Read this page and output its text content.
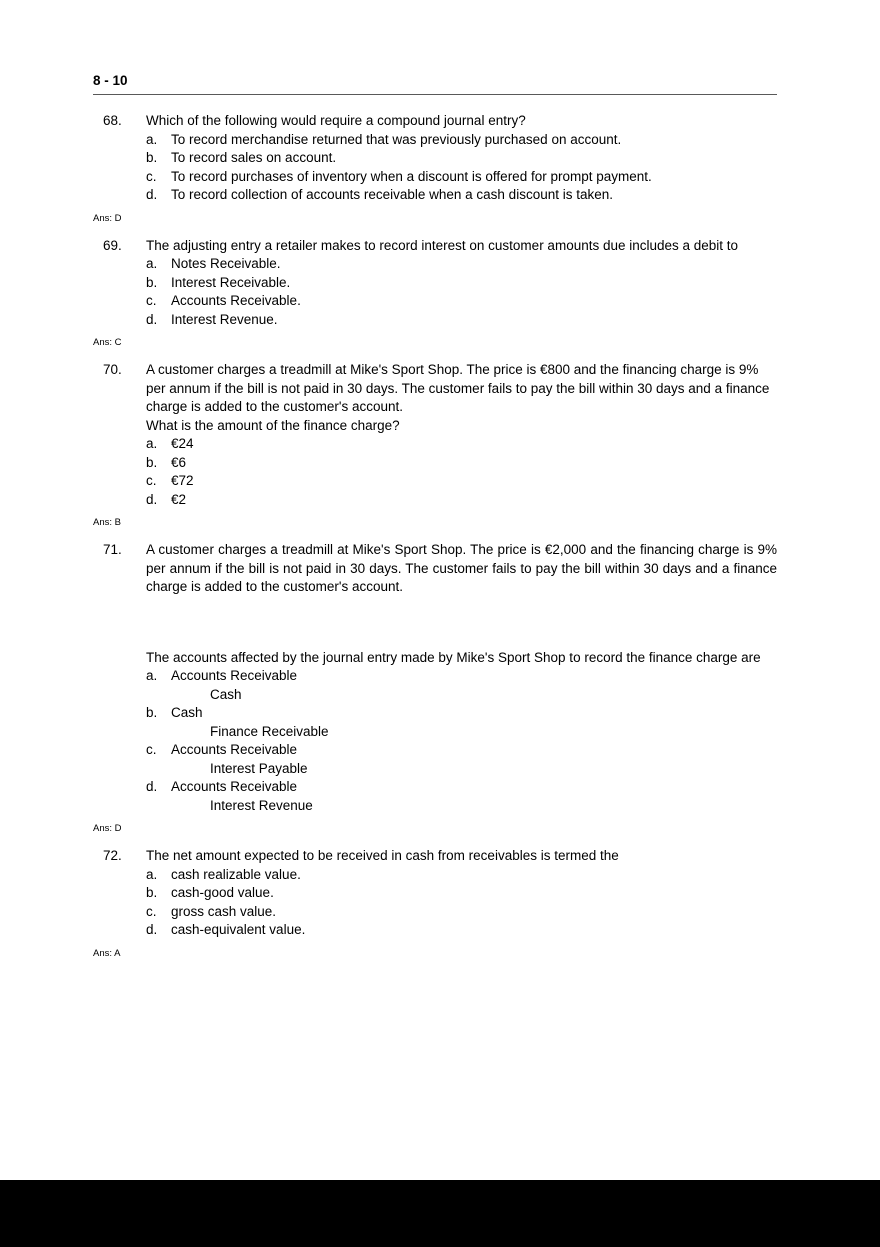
8 - 10
68.	Which of the following would require a compound journal entry?
a.	To record merchandise returned that was previously purchased on account.
b.	To record sales on account.
c.	To record purchases of inventory when a discount is offered for prompt payment.
d.	To record collection of accounts receivable when a cash discount is taken.
Ans: D
69.	The adjusting entry a retailer makes to record interest on customer amounts due includes a debit to
a.	Notes Receivable.
b.	Interest Receivable.
c.	Accounts Receivable.
d.	Interest Revenue.
Ans: C
70.	A customer charges a treadmill at Mike's Sport Shop. The price is €800 and the financing charge is 9% per annum if the bill is not paid in 30 days. The customer fails to pay the bill within 30 days and a finance charge is added to the customer's account.
What is the amount of the finance charge?
a.	€24
b.	€6
c.	€72
d.	€2
Ans: B
71.	A customer charges a treadmill at Mike's Sport Shop. The price is €2,000 and the financing charge is 9% per annum if the bill is not paid in 30 days. The customer fails to pay the bill within 30 days and a finance charge is added to the customer's account.
The accounts affected by the journal entry made by Mike's Sport Shop to record the finance charge are
a.	Accounts Receivable
Cash
b.	Cash
Finance Receivable
c.	Accounts Receivable
Interest Payable
d.	Accounts Receivable
Interest Revenue
Ans: D
72.	The net amount expected to be received in cash from receivables is termed the
a.	cash realizable value.
b.	cash-good value.
c.	gross cash value.
d.	cash-equivalent value.
Ans: A
